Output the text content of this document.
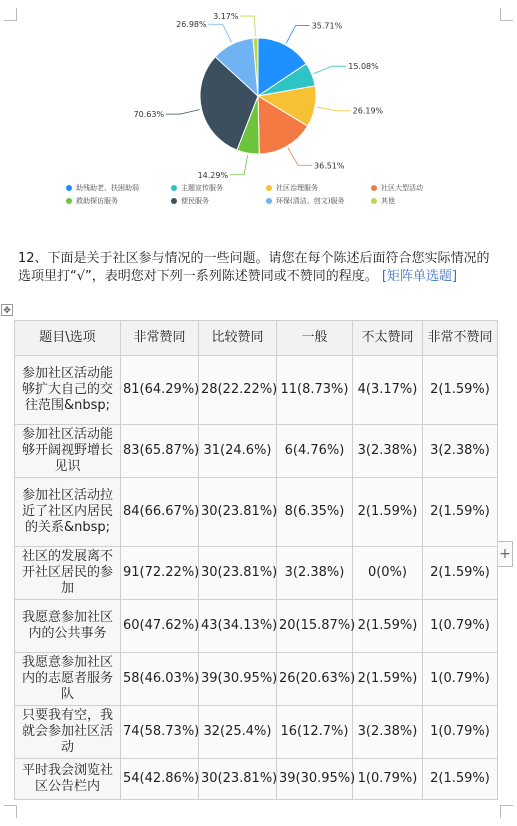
35.71%
15.08%
26.19%
36.51%
14.29%
70.63%
26.98%
3.17%
助残助老、扶困助弱	主题宣传服务	社区治理服务	社区大型活动
救助探访服务	便民服务	环保(清洁、创文)服务	其他
12、下面是关于社区参与情况的一些问题。请您在每个陈述后面符合您实际情况的选项里打“√”，表明您对下列一系列陈述赞同或不赞同的程度。 [矩阵单选题]
✥
+
题目\选项	非常赞同	比较赞同	一般	不太赞同	非常不赞同
参加社区活动能够扩大自己的交往范围&nbsp;	81(64.29%)	28(22.22%)	11(8.73%)	4(3.17%)	2(1.59%)
参加社区活动能够开阔视野增长见识	83(65.87%)	31(24.6%)	6(4.76%)	3(2.38%)	3(2.38%)
参加社区活动拉近了社区内居民的关系&nbsp;	84(66.67%)	30(23.81%)	8(6.35%)	2(1.59%)	2(1.59%)
社区的发展离不开社区居民的参加	91(72.22%)	30(23.81%)	3(2.38%)	0(0%)	2(1.59%)
我愿意参加社区内的公共事务	60(47.62%)	43(34.13%)	20(15.87%)	2(1.59%)	1(0.79%)
我愿意参加社区内的志愿者服务队	58(46.03%)	39(30.95%)	26(20.63%)	2(1.59%)	1(0.79%)
只要我有空，我就会参加社区活动	74(58.73%)	32(25.4%)	16(12.7%)	3(2.38%)	1(0.79%)
平时我会浏览社区公告栏内	54(42.86%)	30(23.81%)	39(30.95%)	1(0.79%)	2(1.59%)
